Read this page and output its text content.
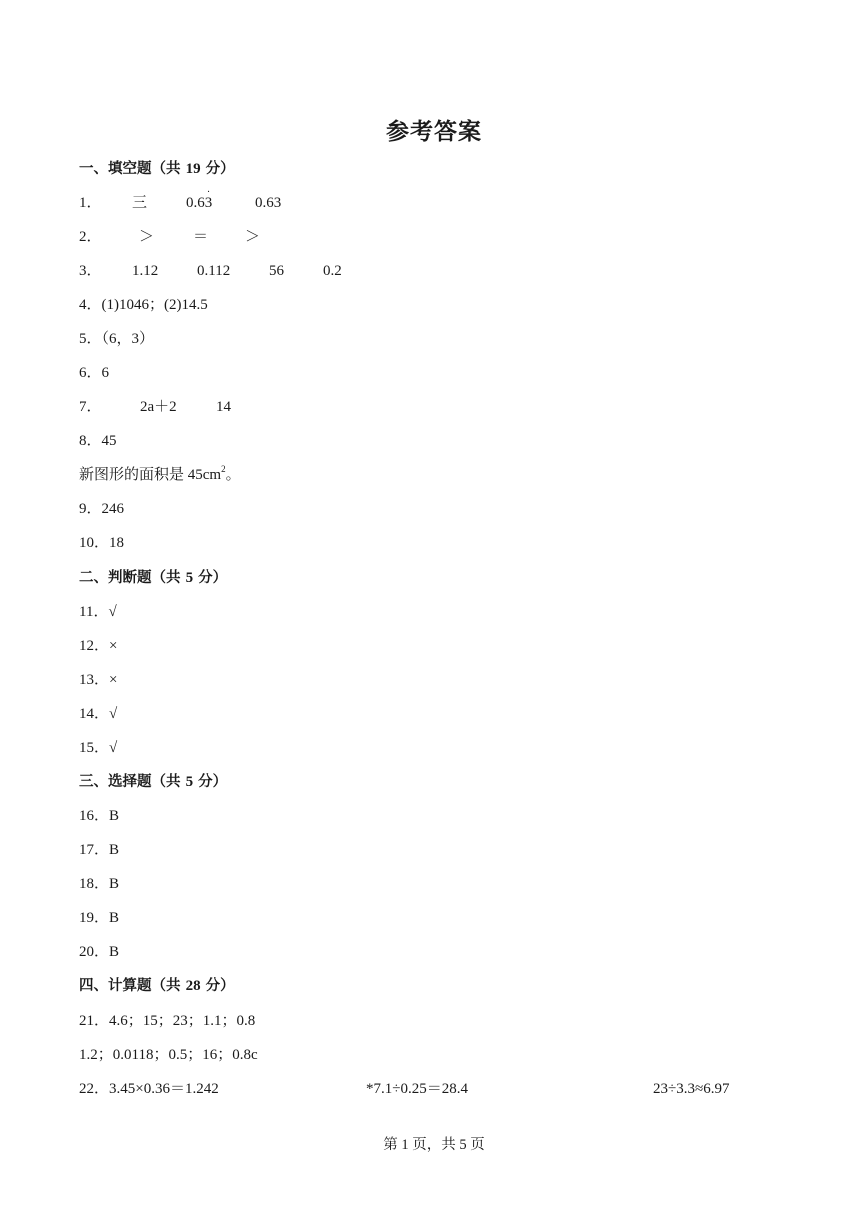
参考答案
一、填空题（共 19 分）
1． 三	0.6
·
3	0.63
2． ＞	＝ ＞
3． 1.12	0.112	56	0.2
4．(1)1046；(2)14.5
5．（6，3）
6．6
7．	2a＋2	14
8．45
新图形的面积是 $45cm^2$。
9．246
10．18
二、判断题（共 5 分）
11．√
12．×
13．×
14．√
15．√
三、选择题（共 5 分）
16．B
17．B
18．B
19．B
20．B
四、计算题（共 28 分）
21．4.6；15；23；1.1；0.8
1.2；0.0118；0.5；16；0.8c
22．3.45×0.36＝1.242	*7.1÷0.25＝28.4	23÷3.3≈6.97
第 1 页，共 5 页
